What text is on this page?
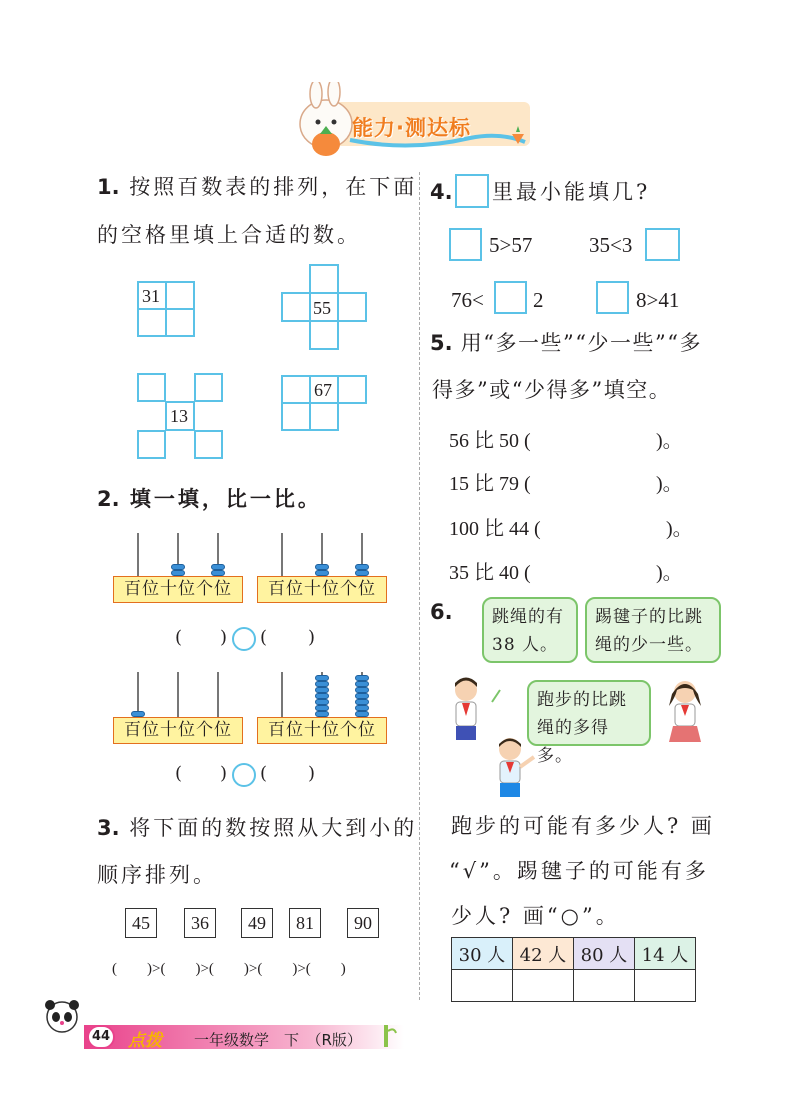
能力·测达标
1. 按照百数表的排列，在下面
的空格里填上合适的数。
31
55
13
67
2. 填一填，比一比。
百位十位个位	百位十位个位
( ) ( )
百位十位个位	百位十位个位
( ) ( )
3. 将下面的数按照从大到小的
顺序排列。
45	36	49	81	90
(　　)>(　　)>(　　)>(　　)>(　　)
4. 里最小能填几?
5>57	35<3
76< 2	8>41
5. 用“多一些”“少一些”“多
得多”或“少得多”填空。
56 比 50 (	)。
15 比 79 (	)。
100 比 44 (	)。
35 比 40 (	)。
6. 跳绳的有
38 人。
踢毽子的比跳
绳的少一些。
跑步的比跳
绳的多得多。
跑步的可能有多少人? 画
“√”。踢毽子的可能有多
少人? 画“○”。
30 人	42 人	80 人	14 人

44 点拨 一年级数学　下　（R版）
